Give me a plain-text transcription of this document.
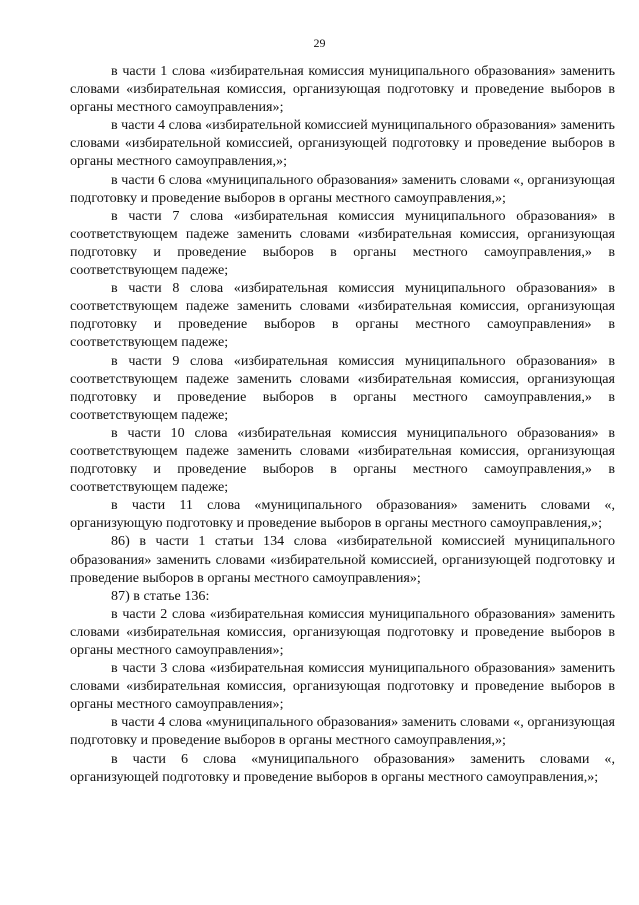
29

в части 1 слова «избирательная комиссия муниципального образования» заменить словами «избирательная комиссия, организующая подготовку и проведение выборов в органы местного самоуправления»;

в части 4 слова «избирательной комиссией муниципального образования» заменить словами «избирательной комиссией, организующей подготовку и проведение выборов в органы местного самоуправления,»;

в части 6 слова «муниципального образования» заменить словами «, организующая подготовку и проведение выборов в органы местного самоуправления,»;

в части 7 слова «избирательная комиссия муниципального образования» в соответствующем падеже заменить словами «избирательная комиссия, организующая подготовку и проведение выборов в органы местного самоуправления,» в соответствующем падеже;

в части 8 слова «избирательная комиссия муниципального образования» в соответствующем падеже заменить словами «избирательная комиссия, организующая подготовку и проведение выборов в органы местного самоуправления» в соответствующем падеже;

в части 9 слова «избирательная комиссия муниципального образования» в соответствующем падеже заменить словами «избирательная комиссия, организующая подготовку и проведение выборов в органы местного самоуправления,» в соответствующем падеже;

в части 10 слова «избирательная комиссия муниципального образования» в соответствующем падеже заменить словами «избирательная комиссия, организующая подготовку и проведение выборов в органы местного самоуправления,» в соответствующем падеже;

в части 11 слова «муниципального образования» заменить словами «, организующую подготовку и проведение выборов в органы местного самоуправления,»;

86) в части 1 статьи 134 слова «избирательной комиссией муниципального образования» заменить словами «избирательной комиссией, организующей подготовку и проведение выборов в органы местного самоуправления»;

87) в статье 136:

в части 2 слова «избирательная комиссия муниципального образования» заменить словами «избирательная комиссия, организующая подготовку и проведение выборов в органы местного самоуправления»;

в части 3 слова «избирательная комиссия муниципального образования» заменить словами «избирательная комиссия, организующая подготовку и проведение выборов в органы местного самоуправления»;

в части 4 слова «муниципального образования» заменить словами «, организующая подготовку и проведение выборов в органы местного самоуправления,»;

в части 6 слова «муниципального образования» заменить словами «, организующей подготовку и проведение выборов в органы местного самоуправления,»;
